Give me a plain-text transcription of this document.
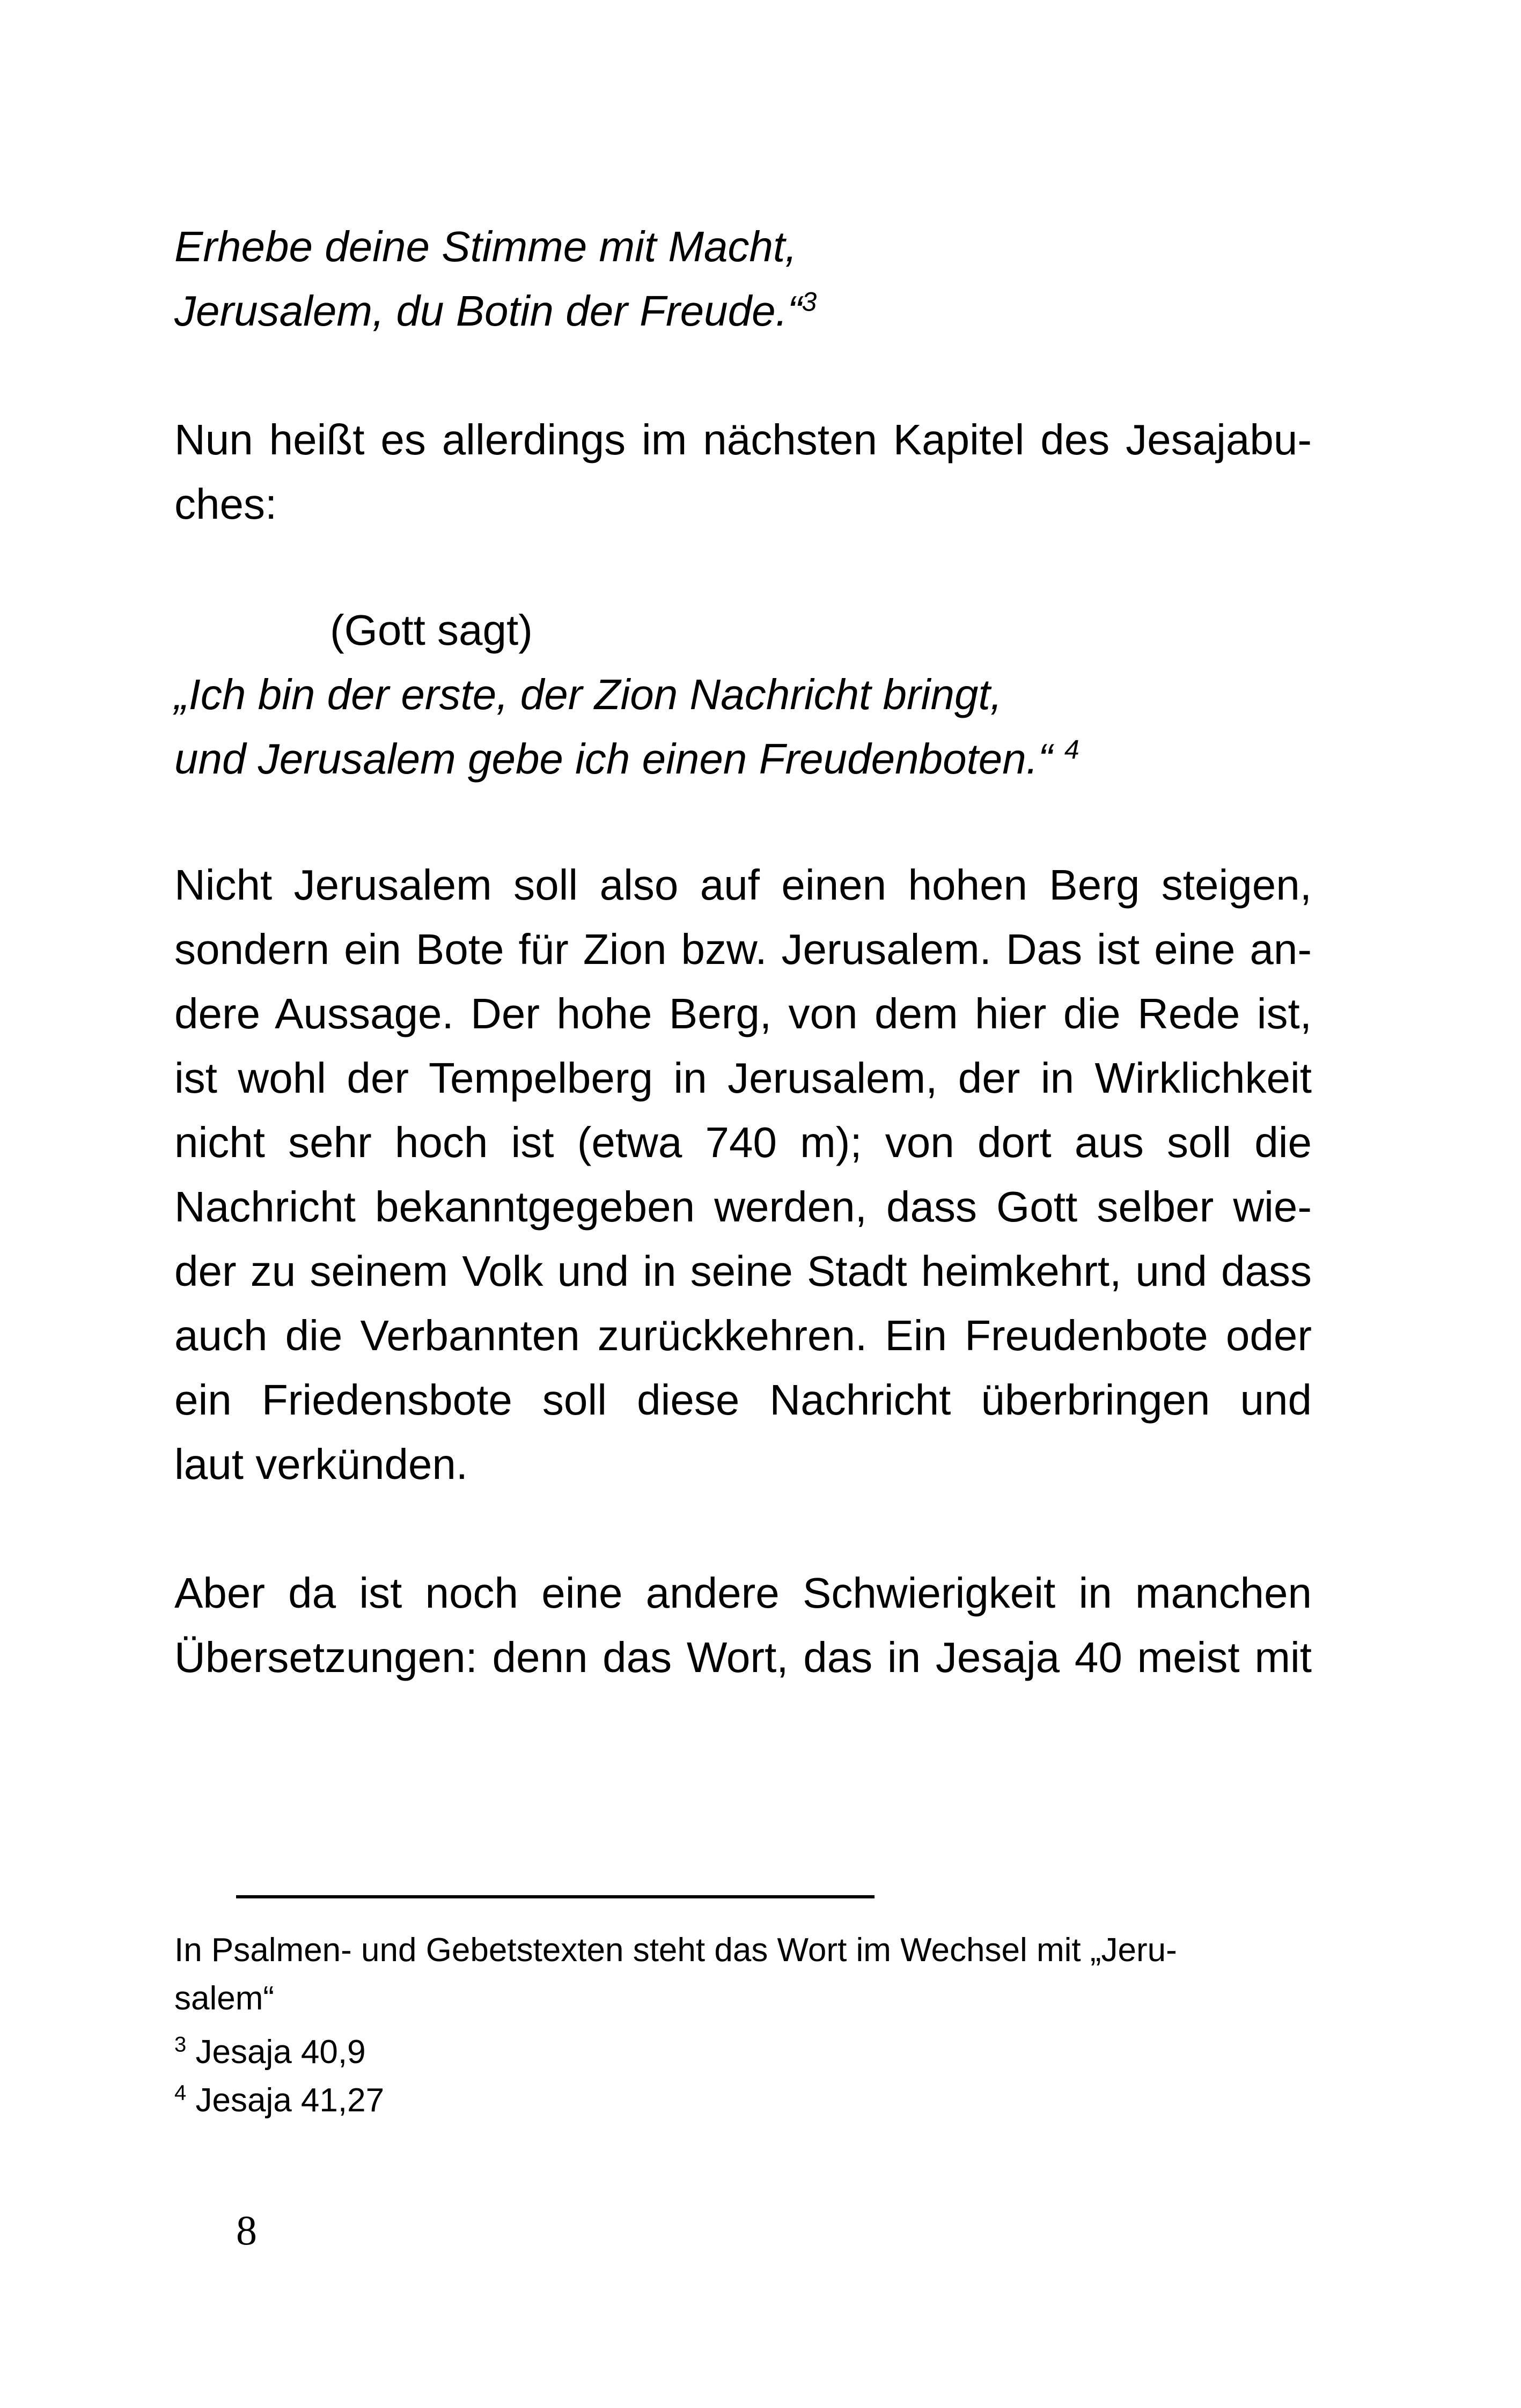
Erhebe deine Stimme mit Macht,
Jerusalem, du Botin der Freude.“$^3$
Nun heißt es allerdings im nächsten Kapitel des Jesajabu-
ches:
(Gott sagt)
„Ich bin der erste, der Zion Nachricht bringt,
und Jerusalem gebe ich einen Freudenboten.“ $^4$
Nicht Jerusalem soll also auf einen hohen Berg steigen,
sondern ein Bote für Zion bzw. Jerusalem. Das ist eine an-
dere Aussage. Der hohe Berg, von dem hier die Rede ist,
ist wohl der Tempelberg in Jerusalem, der in Wirklichkeit
nicht sehr hoch ist (etwa 740 m); von dort aus soll die
Nachricht bekanntgegeben werden, dass Gott selber wie-
der zu seinem Volk und in seine Stadt heimkehrt, und dass
auch die Verbannten zurückkehren. Ein Freudenbote oder
ein Friedensbote soll diese Nachricht überbringen und
laut verkünden.
Aber da ist noch eine andere Schwierigkeit in manchen
Übersetzungen: denn das Wort, das in Jesaja 40 meist mit
In Psalmen- und Gebetstexten steht das Wort im Wechsel mit „Jeru-
salem“
$^3$ Jesaja 40,9
$^4$ Jesaja 41,27
8
